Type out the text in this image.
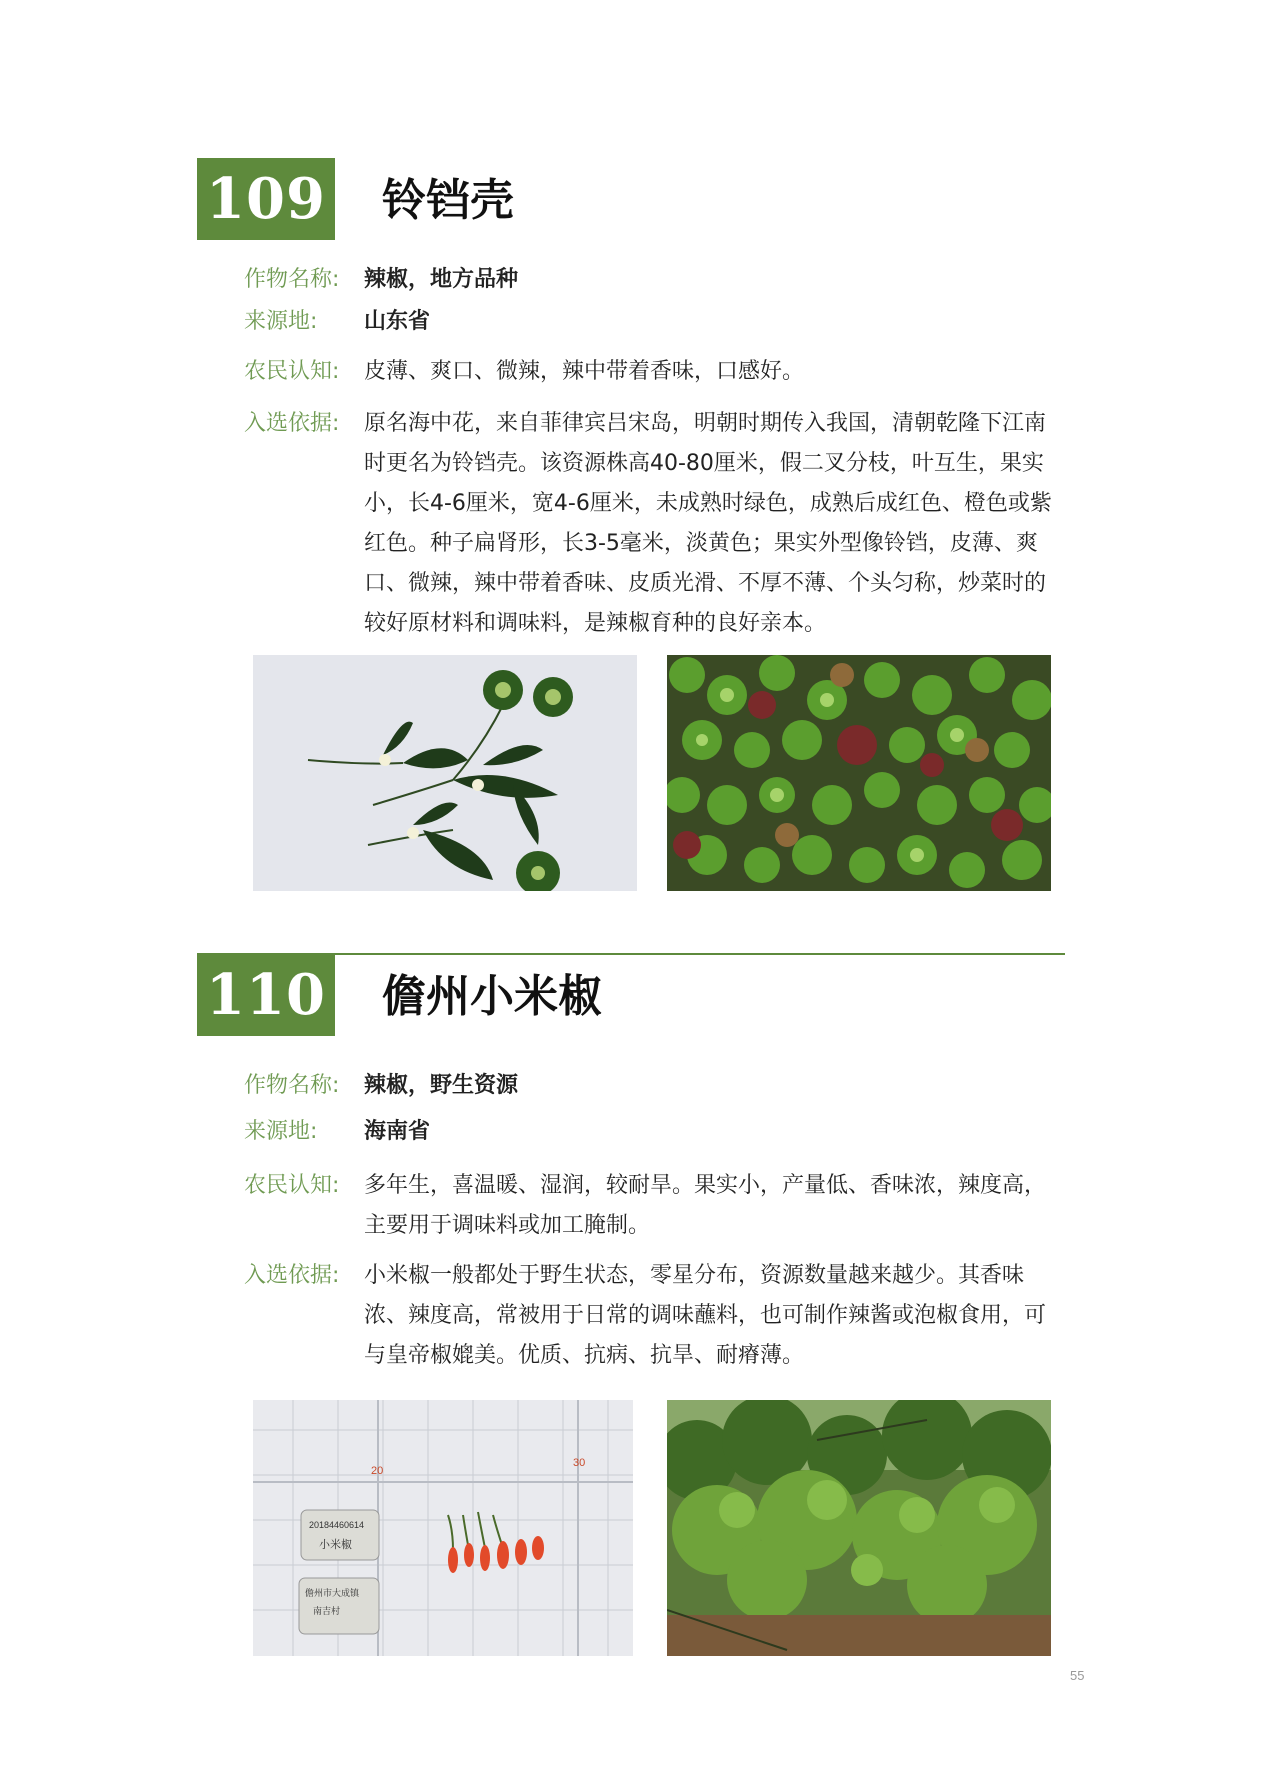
109 铃铛壳
作物名称: 辣椒，地方品种
来源地: 山东省
农民认知: 皮薄、爽口、微辣，辣中带着香味，口感好。
入选依据: 原名海中花，来自菲律宾吕宋岛，明朝时期传入我国，清朝乾隆下江南时更名为铃铛壳。该资源株高40-80厘米，假二叉分枝，叶互生，果实小，长4-6厘米，宽4-6厘米，未成熟时绿色，成熟后成红色、橙色或紫红色。种子扁肾形，长3-5毫米，淡黄色；果实外型像铃铛，皮薄、爽口、微辣，辣中带着香味、皮质光滑、不厚不薄、个头匀称，炒菜时的较好原材料和调味料，是辣椒育种的良好亲本。
110 儋州小米椒
作物名称: 辣椒，野生资源
来源地: 海南省
农民认知: 多年生，喜温暖、湿润，较耐旱。果实小，产量低、香味浓，辣度高，主要用于调味料或加工腌制。
入选依据: 小米椒一般都处于野生状态，零星分布，资源数量越来越少。其香味浓、辣度高，常被用于日常的调味蘸料，也可制作辣酱或泡椒食用，可与皇帝椒媲美。优质、抗病、抗旱、耐瘠薄。
20
30
20184460614
小米椒
儋州市大成镇
南吉村
55
